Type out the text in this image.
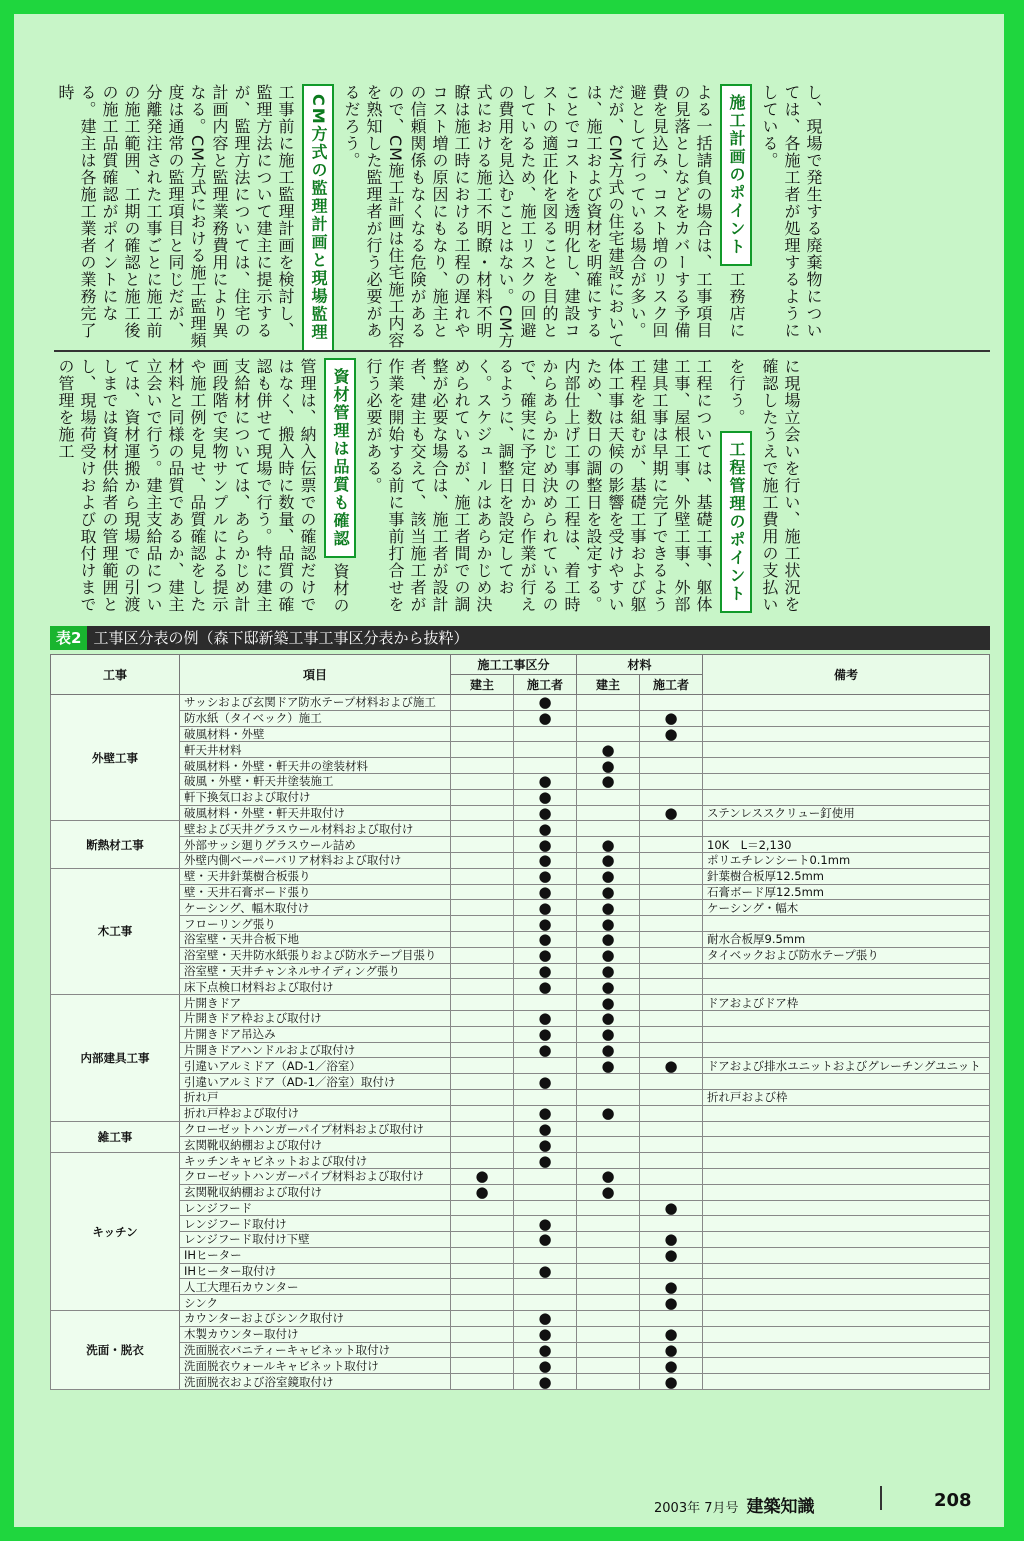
し、現場で発生する廃棄物については、各施工者が処理するようにしている。 施工計画のポイント 工務店による一括請負の場合は、工事項目の見落としなどをカバーする予備費を見込み、コスト増のリスク回避として行っている場合が多い。だが、CM方式の住宅建設においては、施工および資材を明確にすることでコストを透明化し、建設コストの適正化を図ることを目的としているため、施工リスクの回避の費用を見込むことはない。CM方式における施工不明瞭・材料不明瞭は施工時における工程の遅れやコスト増の原因にもなり、施主との信頼関係もなくなる危険があるので、CM施工計画は住宅施工内容を熟知した監理者が行う必要があるだろう。 CM方式の監理計画と現場監理 工事前に施工監理計画を検討し、監理方法について建主に提示するが、監理方法については、住宅の計画内容と監理業務費用により異なる。CM方式における施工監理頻度は通常の監理項目と同じだが、分離発注された工事ごとに施工前の施工範囲、工期の確認と施工後の施工品質確認がポイントになる。建主は各施工業者の業務完了時
に現場立会いを行い、施工状況を確認したうえで施工費用の支払いを行う。 工程管理のポイント 工程については、基礎工事、躯体工事、屋根工事、外壁工事、外部建具工事は早期に完了できるよう工程を組むが、基礎工事および躯体工事は天候の影響を受けやすいため、数日の調整日を設定する。内部仕上げ工事の工程は、着工時からあらかじめ決められているので、確実に予定日から作業が行えるように、調整日を設定しておく。スケジュールはあらかじめ決められているが、施工者間での調整が必要な場合は、施工者が設計者、建主も交えて、該当施工者が作業を開始する前に事前打合せを行う必要がある。 資材管理は品質も確認 資材の管理は、納入伝票での確認だけではなく、搬入時に数量、品質の確認も併せて現場で行う。特に建主支給材については、あらかじめ計画段階で実物サンプルによる提示や施工例を見せ、品質確認をした材料と同様の品質であるか、建主立会いで行う。建主支給品については、資材運搬から現場での引渡しまでは資材供給者の管理範囲とし、現場荷受けおよび取付けまでの管理を施工
表2 工事区分表の例（森下邸新築工事工事区分表から抜粋）
工事	項目	施工工事区分		材料		備考
		建主	施工者	建主	施工者	
外壁工事	サッシおよび玄関ドア防水テープ材料および施工		●			
	防水紙（タイベック）施工		●		●	
	破風材料・外壁				●	
	軒天井材料			●		
	破風材料・外壁・軒天井の塗装材料			●		
	破風・外壁・軒天井塗装施工		●	●		
	軒下換気口および取付け		●			
	破風材料・外壁・軒天井取付け		●		●	ステンレススクリュー釘使用
断熱材工事	壁および天井グラスウール材料および取付け		●			
	外部サッシ廻りグラスウール詰め		●	●		10K　L＝2,130
	外壁内側ベーパーバリア材料および取付け		●	●		ポリエチレンシート0.1mm
木工事	壁・天井針葉樹合板張り		●	●		針葉樹合板厚12.5mm
	壁・天井石膏ボード張り		●	●		石膏ボード厚12.5mm
	ケーシング、幅木取付け		●	●		ケーシング・幅木
	フローリング張り		●	●		
	浴室壁・天井合板下地		●	●		耐水合板厚9.5mm
	浴室壁・天井防水紙張りおよび防水テープ目張り		●	●		タイベックおよび防水テープ張り
	浴室壁・天井チャンネルサイディング張り		●	●		
	床下点検口材料および取付け		●	●		
内部建具工事	片開きドア			●		ドアおよびドア枠
	片開きドア枠および取付け		●	●		
	片開きドア吊込み		●	●		
	片開きドアハンドルおよび取付け		●	●		
	引違いアルミドア（AD-1／浴室）			●	●	ドアおよび排水ユニットおよびグレーチングユニット
	引違いアルミドア（AD-1／浴室）取付け		●			
	折れ戸					折れ戸および枠
	折れ戸枠および取付け		●	●		
雑工事	クローゼットハンガーパイプ材料および取付け		●			
	玄関靴収納棚および取付け		●			
キッチン	キッチンキャビネットおよび取付け		●			
	クローゼットハンガーパイプ材料および取付け	●		●		
	玄関靴収納棚および取付け	●		●		
	レンジフード				●	
	レンジフード取付け		●			
	レンジフード取付け下壁		●		●	
	IHヒーター				●	
	IHヒーター取付け		●			
	人工大理石カウンター				●	
	シンク				●	
洗面・脱衣	カウンターおよびシンク取付け		●			
	木製カウンター取付け		●		●	
	洗面脱衣バニティーキャビネット取付け		●		●	
	洗面脱衣ウォールキャビネット取付け		●		●	
	洗面脱衣および浴室鏡取付け		●		●	
2003年 7月号 建築知識	208
